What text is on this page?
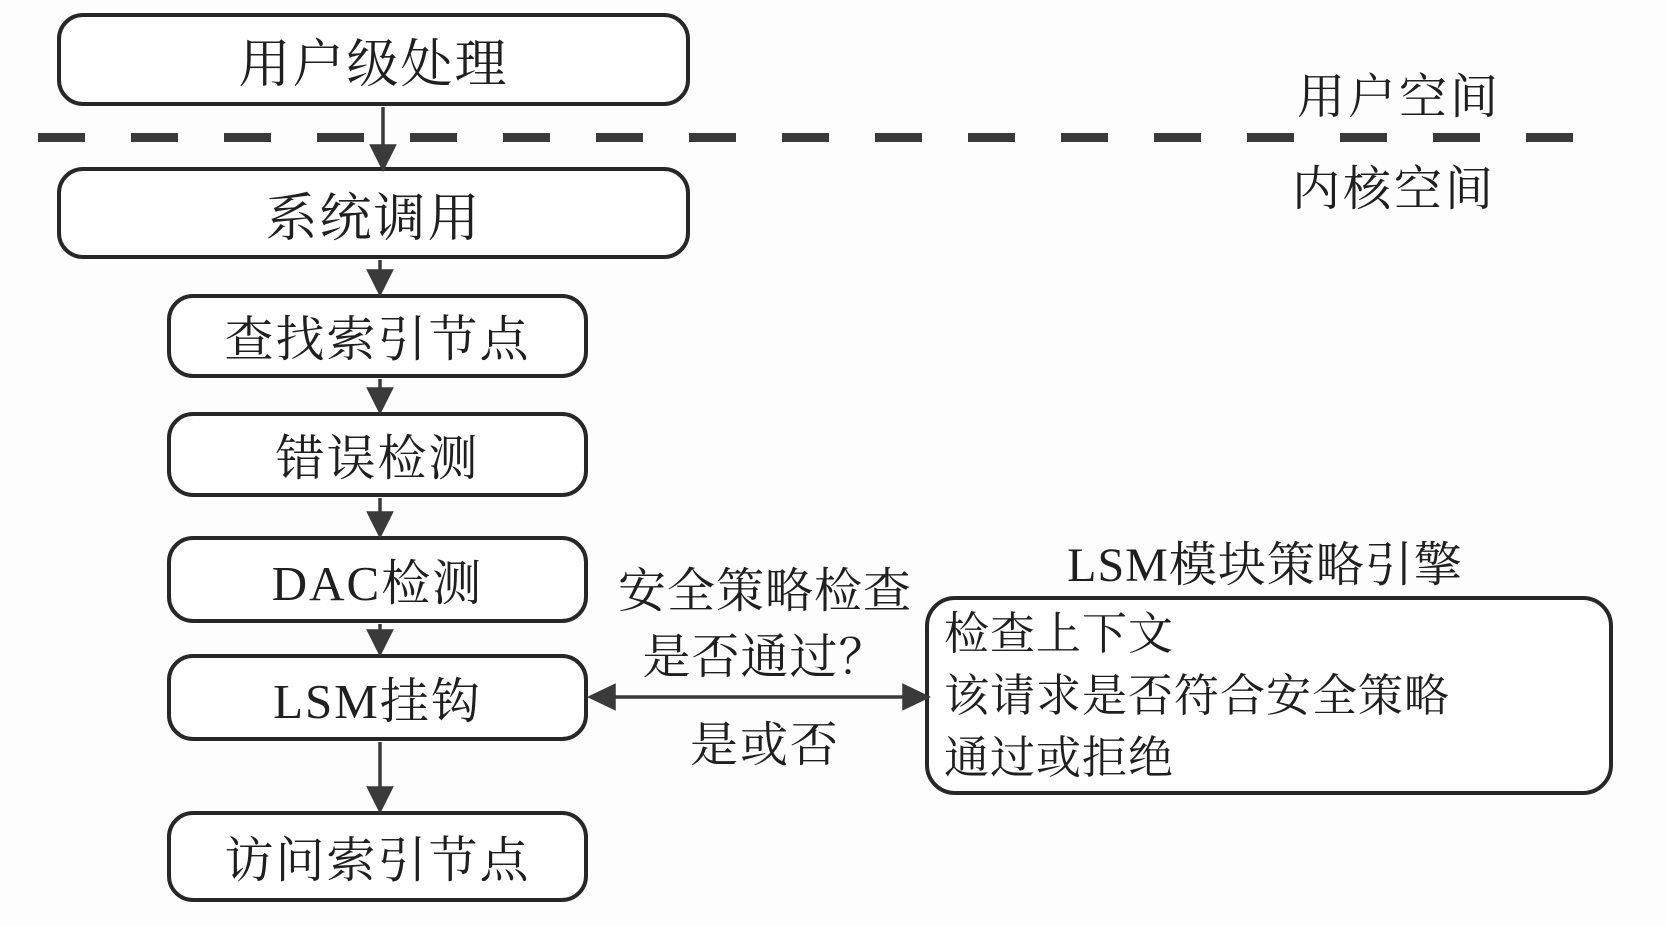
用户级处理
系统调用
查找索引节点
错误检测
DAC检测
LSM挂钩
访问索引节点
检查上下文
该请求是否符合安全策略
通过或拒绝
用户空间
内核空间
LSM模块策略引擎
安全策略检查
是否通过？
是或否
